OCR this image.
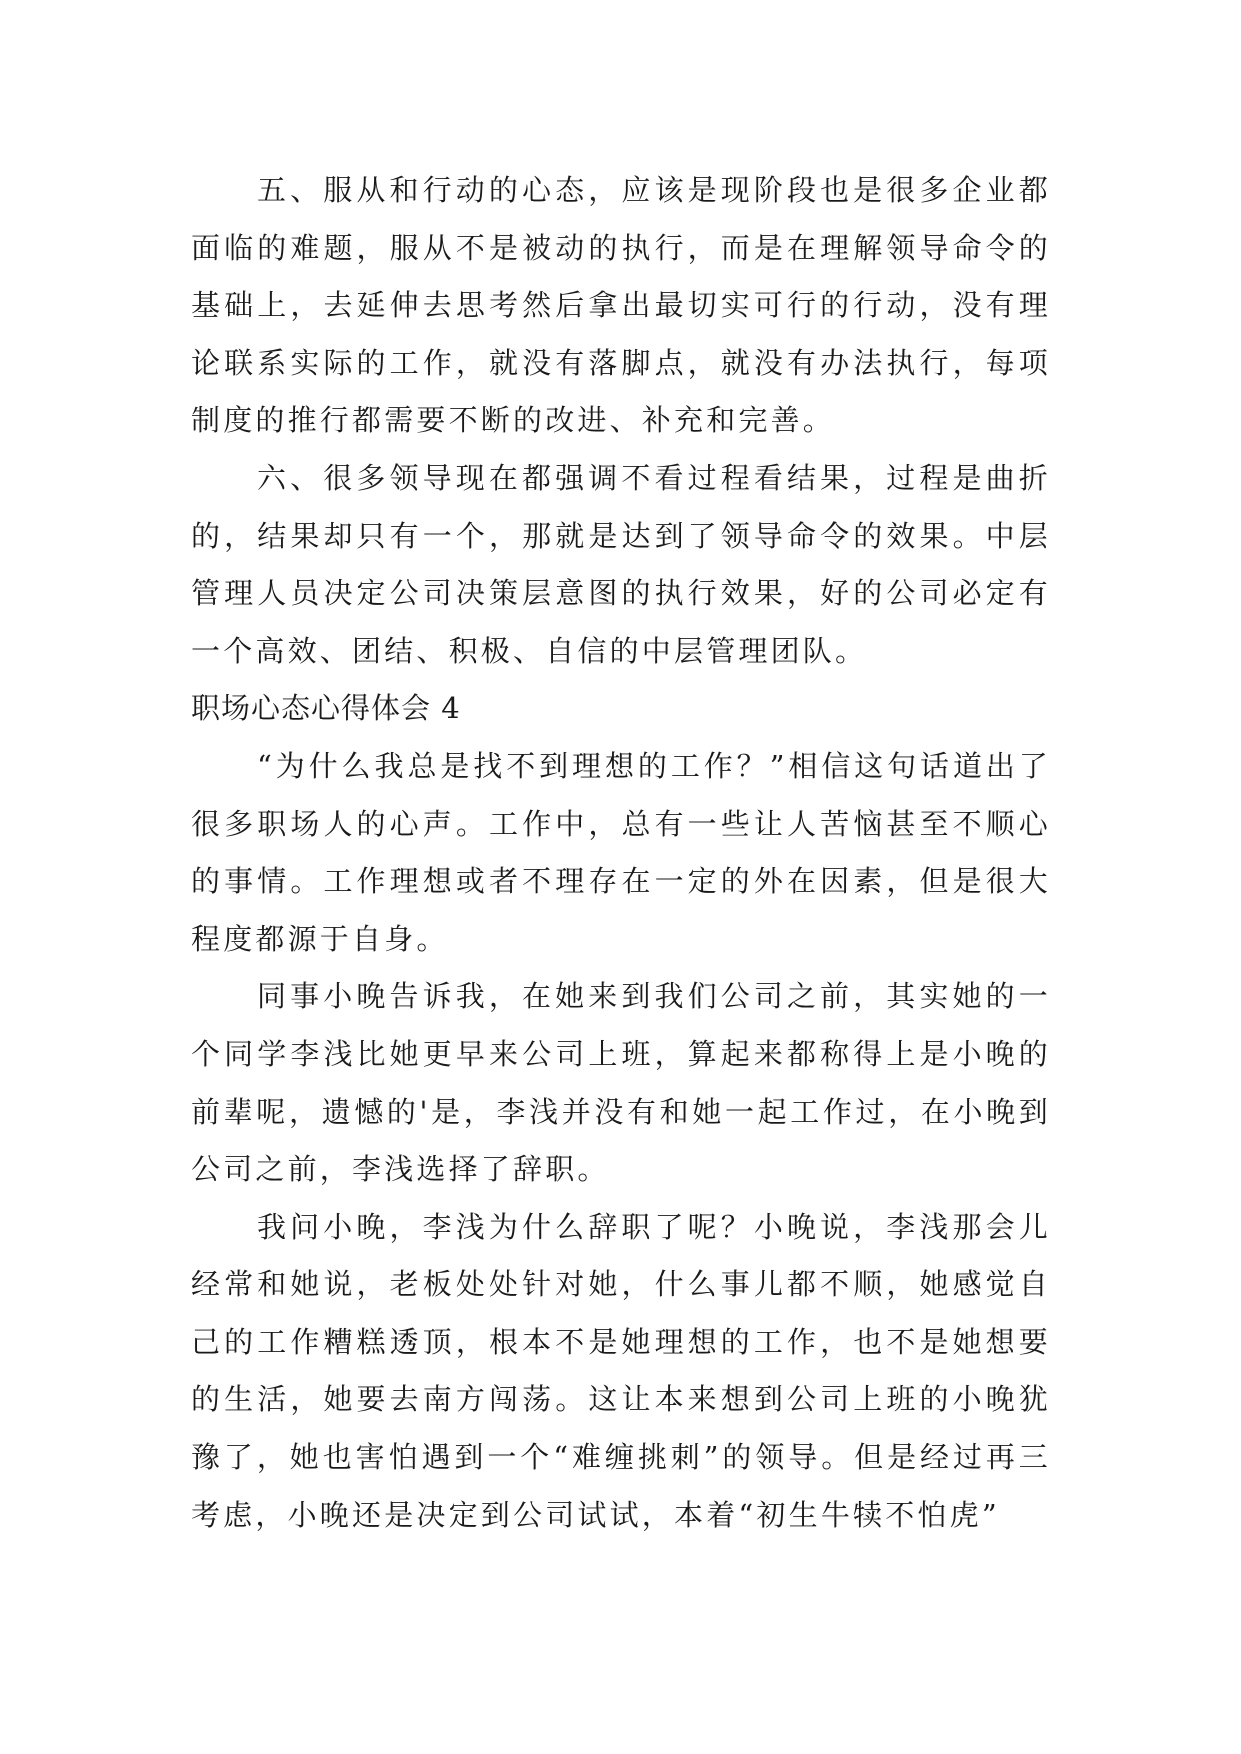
五、服从和行动的心态，应该是现阶段也是很多企业都面临的难题，服从不是被动的执行，而是在理解领导命令的基础上，去延伸去思考然后拿出最切实可行的行动，没有理论联系实际的工作，就没有落脚点，就没有办法执行，每项制度的推行都需要不断的改进、补充和完善。

六、很多领导现在都强调不看过程看结果，过程是曲折的，结果却只有一个，那就是达到了领导命令的效果。中层管理人员决定公司决策层意图的执行效果，好的公司必定有一个高效、团结、积极、自信的中层管理团队。

职场心态心得体会 4

“为什么我总是找不到理想的工作？”相信这句话道出了很多职场人的心声。工作中，总有一些让人苦恼甚至不顺心的事情。工作理想或者不理存在一定的外在因素，但是很大程度都源于自身。

同事小晚告诉我，在她来到我们公司之前，其实她的一个同学李浅比她更早来公司上班，算起来都称得上是小晚的前辈呢，遗憾的'是，李浅并没有和她一起工作过，在小晚到公司之前，李浅选择了辞职。

我问小晚，李浅为什么辞职了呢？小晚说，李浅那会儿经常和她说，老板处处针对她，什么事儿都不顺，她感觉自己的工作糟糕透顶，根本不是她理想的工作，也不是她想要的生活，她要去南方闯荡。这让本来想到公司上班的小晚犹豫了，她也害怕遇到一个“难缠挑刺”的领导。但是经过再三考虑，小晚还是决定到公司试试，本着“初生牛犊不怕虎”
